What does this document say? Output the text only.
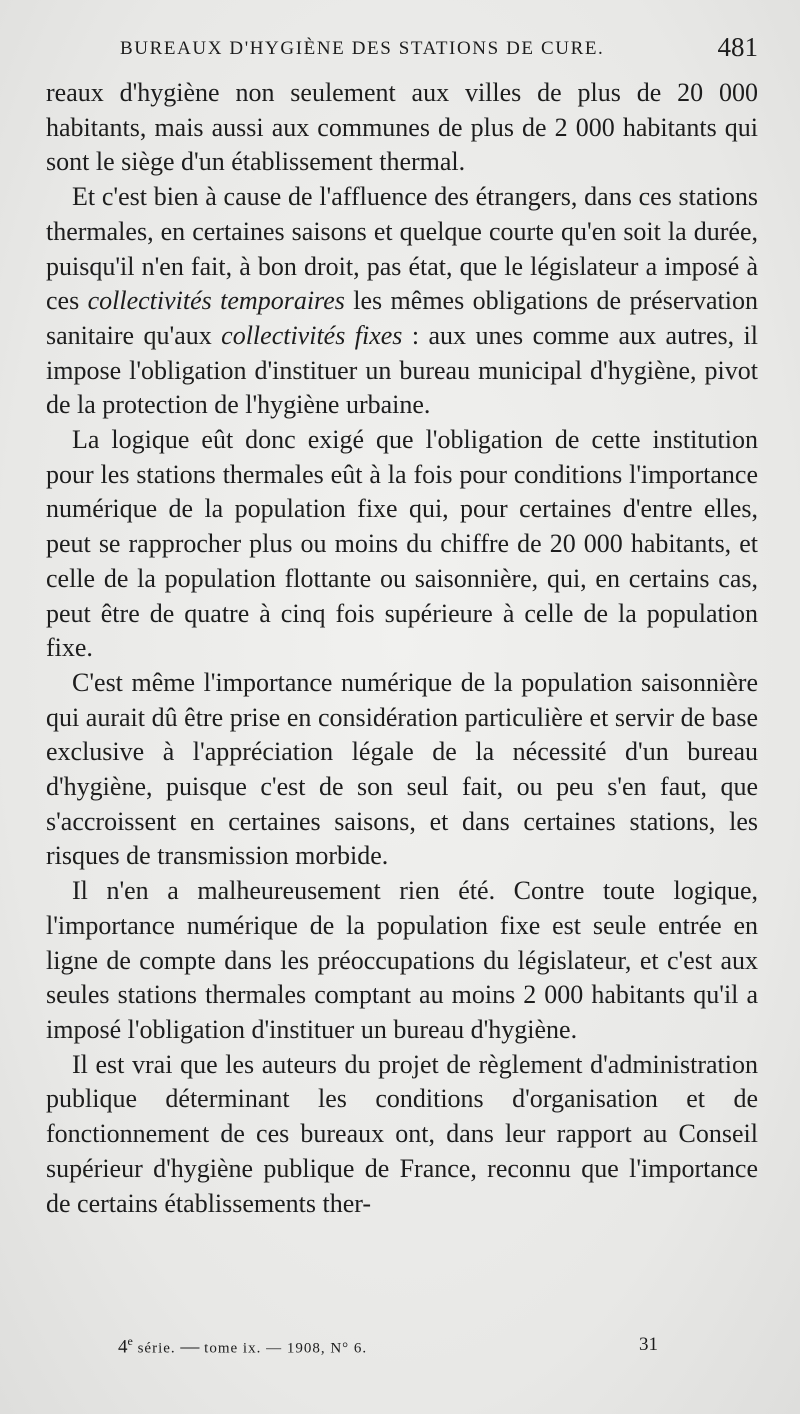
BUREAUX D'HYGIÈNE DES STATIONS DE CURE.	481

reaux d'hygiène non seulement aux villes de plus de 20 000 habitants, mais aussi aux communes de plus de 2 000 habitants qui sont le siège d'un établissement thermal.

Et c'est bien à cause de l'affluence des étrangers, dans ces stations thermales, en certaines saisons et quelque courte qu'en soit la durée, puisqu'il n'en fait, à bon droit, pas état, que le législateur a imposé à ces collectivités temporaires les mêmes obligations de préservation sanitaire qu'aux collectivités fixes : aux unes comme aux autres, il impose l'obligation d'instituer un bureau municipal d'hygiène, pivot de la protection de l'hygiène urbaine.

La logique eût donc exigé que l'obligation de cette institution pour les stations thermales eût à la fois pour conditions l'importance numérique de la population fixe qui, pour certaines d'entre elles, peut se rapprocher plus ou moins du chiffre de 20 000 habitants, et celle de la population flottante ou saisonnière, qui, en certains cas, peut être de quatre à cinq fois supérieure à celle de la population fixe.

C'est même l'importance numérique de la population saisonnière qui aurait dû être prise en considération particulière et servir de base exclusive à l'appréciation légale de la nécessité d'un bureau d'hygiène, puisque c'est de son seul fait, ou peu s'en faut, que s'accroissent en certaines saisons, et dans certaines stations, les risques de transmission morbide.

Il n'en a malheureusement rien été. Contre toute logique, l'importance numérique de la population fixe est seule entrée en ligne de compte dans les préoccupations du législateur, et c'est aux seules stations thermales comptant au moins 2 000 habitants qu'il a imposé l'obligation d'instituer un bureau d'hygiène.

Il est vrai que les auteurs du projet de règlement d'administration publique déterminant les conditions d'organisation et de fonctionnement de ces bureaux ont, dans leur rapport au Conseil supérieur d'hygiène publique de France, reconnu que l'importance de certains établissements ther-

4e série. — tome ix. — 1908, N° 6.	31
